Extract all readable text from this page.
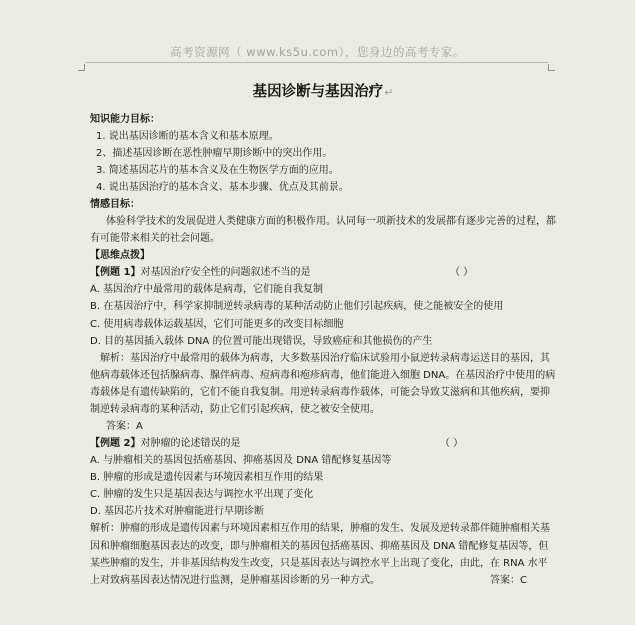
高考资源网（ www.ks5u.com），您身边的高考专家。
基因诊断与基因治疗↵

知识能力目标：

1. 说出基因诊断的基本含义和基本原理。

2、描述基因诊断在恶性肿瘤早期诊断中的突出作用。

3. 简述基因芯片的基本含义及在生物医学方面的应用。

4. 说出基因治疗的基本含义、基本步骤、优点及其前景。

情感目标：

体验科学技术的发展促进人类健康方面的积极作用。认同每一项新技术的发展都有逐步完善的过程，都有可能带来相关的社会问题。

【思维点拨】

【例题 1】对基因治疗安全性的问题叙述不当的是	（ ）

A. 基因治疗中最常用的载体是病毒，它们能自我复制

B. 在基因治疗中，科学家抑制逆转录病毒的某种活动防止他们引起疾病，使之能被安全的使用

C. 使用病毒载体运载基因，它们可能更多的改变目标细胞

D. 目的基因插入载体 DNA 的位置可能出现错误，导致癌症和其他损伤的产生

解析：基因治疗中最常用的载体为病毒，大多数基因治疗临床试验用小鼠逆转录病毒运送目的基因，其他病毒载体还包括腺病毒、腺伴病毒、痘病毒和疱疹病毒，他们能进入细胞 DNA。在基因治疗中使用的病毒载体是有遗传缺陷的，它们不能自我复制。用逆转录病毒作载体，可能会导致艾滋病和其他疾病，要抑制逆转录病毒的某种活动，防止它们引起疾病，使之被安全使用。

答案：A

【例题 2】对肿瘤的论述错误的是	（ ）

A. 与肿瘤相关的基因包括癌基因、抑癌基因及 DNA 错配修复基因等

B. 肿瘤的形成是遗传因素与环境因素相互作用的结果

C. 肿瘤的发生只是基因表达与调控水平出现了变化

D. 基因芯片技术对肿瘤能进行早期诊断

解析：肿瘤的形成是遗传因素与环境因素相互作用的结果，肿瘤的发生、发展及逆转录都伴随肿瘤相关基因和肿瘤细胞基因表达的改变，即与肿瘤相关的基因包括癌基因、抑癌基因及 DNA 错配修复基因等，但某些肿瘤的发生，并非基因结构发生改变，只是基因表达与调控水平上出现了变化，由此，在 RNA 水平上对致病基因表达情况进行监测，是肿瘤基因诊断的另一种方式。	答案：C
